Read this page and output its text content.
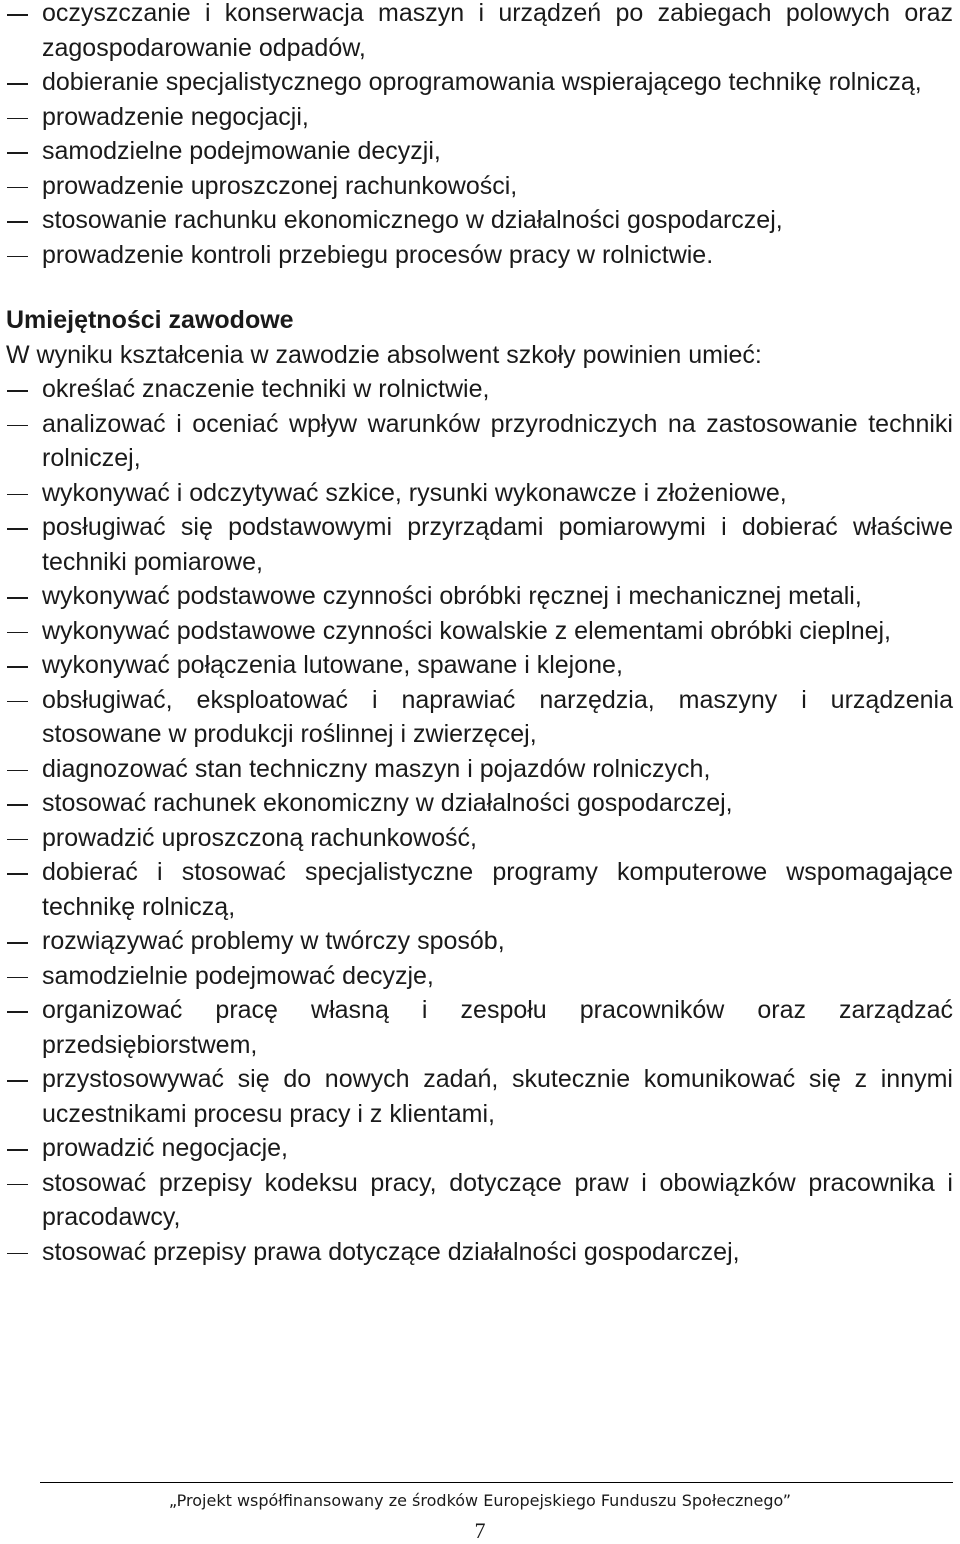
oczyszczanie i konserwacja maszyn i urządzeń po zabiegach polowych oraz zagospodarowanie odpadów,
dobieranie specjalistycznego oprogramowania wspierającego technikę rolniczą,
prowadzenie negocjacji,
samodzielne podejmowanie decyzji,
prowadzenie uproszczonej rachunkowości,
stosowanie rachunku ekonomicznego w działalności gospodarczej,
prowadzenie kontroli przebiegu procesów pracy w rolnictwie.
Umiejętności zawodowe

W wyniku kształcenia w zawodzie absolwent szkoły powinien umieć:

określać znaczenie techniki w rolnictwie,
analizować i oceniać wpływ warunków przyrodniczych na zastosowanie techniki rolniczej,
wykonywać i odczytywać szkice, rysunki wykonawcze i złożeniowe,
posługiwać się podstawowymi przyrządami pomiarowymi i dobierać właściwe techniki pomiarowe,
wykonywać podstawowe czynności obróbki ręcznej i mechanicznej metali,
wykonywać podstawowe czynności kowalskie z elementami obróbki cieplnej,
wykonywać połączenia lutowane, spawane i klejone,
obsługiwać, eksploatować i naprawiać narzędzia, maszyny i urządzenia stosowane w produkcji roślinnej i zwierzęcej,
diagnozować stan techniczny maszyn i pojazdów rolniczych,
stosować rachunek ekonomiczny w działalności gospodarczej,
prowadzić uproszczoną rachunkowość,
dobierać i stosować specjalistyczne programy komputerowe wspomagające technikę rolniczą,
rozwiązywać problemy w twórczy sposób,
samodzielnie podejmować decyzje,
organizować pracę własną i zespołu pracowników oraz zarządzać przedsiębiorstwem,
przystosowywać się do nowych zadań, skutecznie komunikować się z innymi uczestnikami procesu pracy i z klientami,
prowadzić negocjacje,
stosować przepisy kodeksu pracy, dotyczące praw i obowiązków pracownika i pracodawcy,
stosować przepisy prawa dotyczące działalności gospodarczej,
„Projekt współfinansowany ze środków Europejskiego Funduszu Społecznego”
7
